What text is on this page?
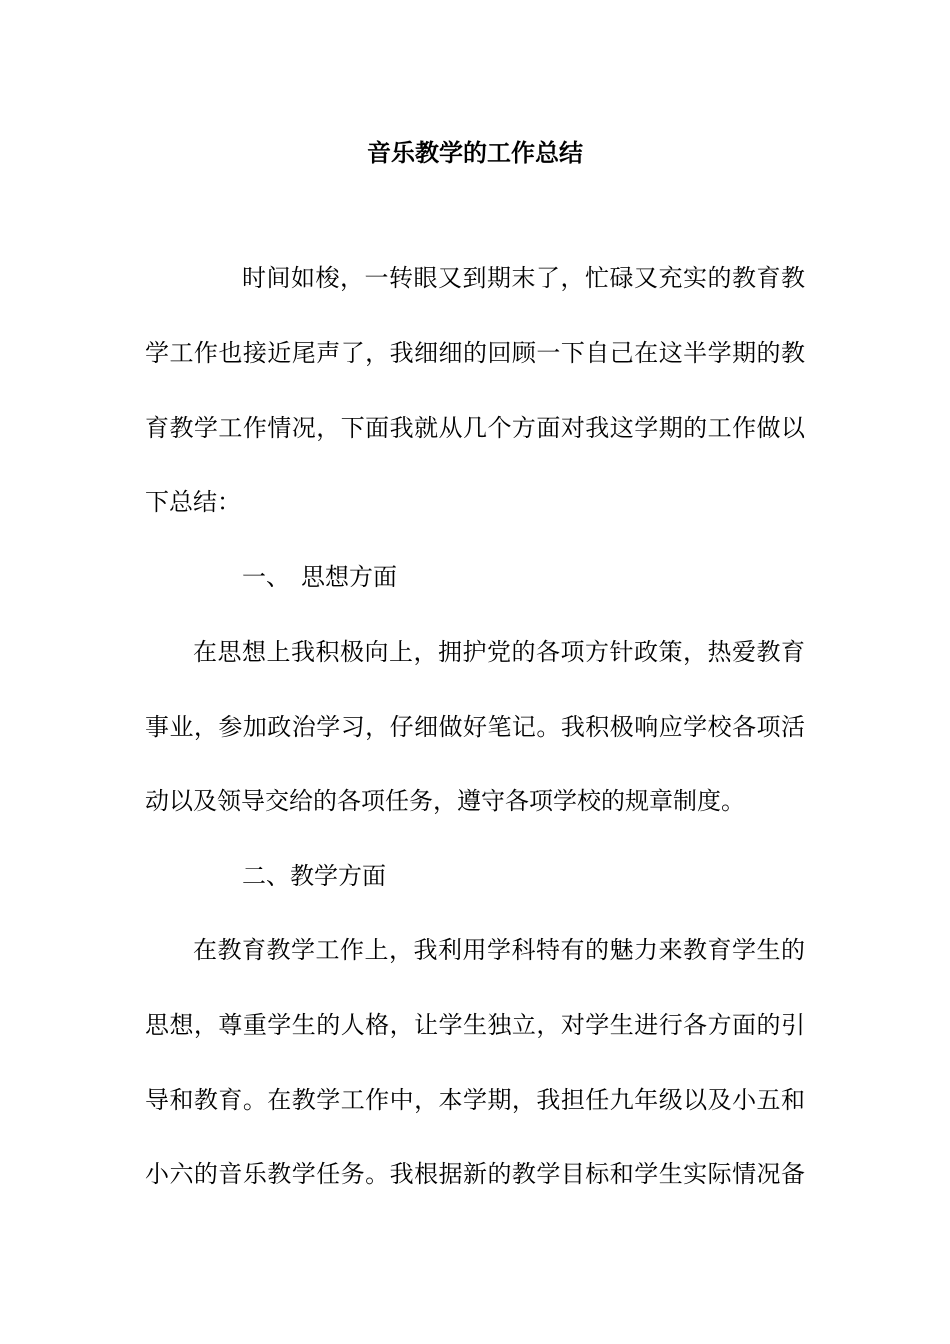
音乐教学的工作总结
时间如梭，一转眼又到期末了，忙碌又充实的教育教
学工作也接近尾声了，我细细的回顾一下自己在这半学期的教
育教学工作情况，下面我就从几个方面对我这学期的工作做以
下总结：
一、 思想方面
在思想上我积极向上，拥护党的各项方针政策，热爱教育
事业，参加政治学习，仔细做好笔记。我积极响应学校各项活
动以及领导交给的各项任务，遵守各项学校的规章制度。
二、教学方面
在教育教学工作上，我利用学科特有的魅力来教育学生的
思想，尊重学生的人格，让学生独立，对学生进行各方面的引
导和教育。在教学工作中，本学期，我担任九年级以及小五和
小六的音乐教学任务。我根据新的教学目标和学生实际情况备
